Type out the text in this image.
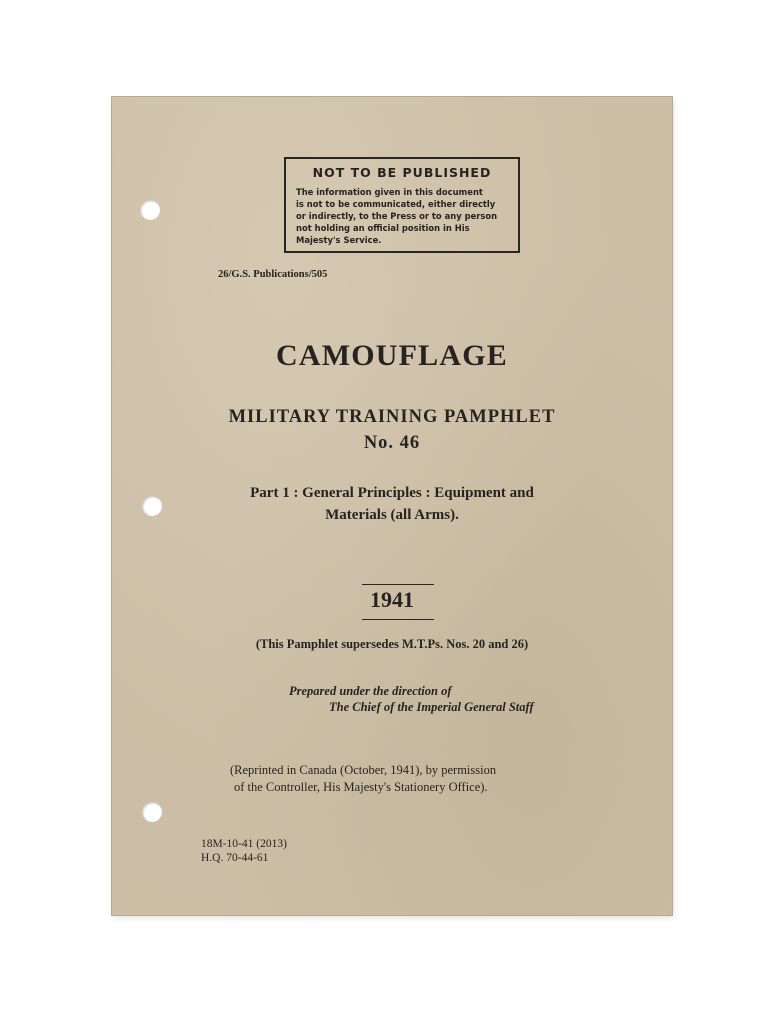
NOT TO BE PUBLISHED
The information given in this document
is not to be communicated, either directly
or indirectly, to the Press or to any person
not holding an official position in His
Majesty's Service.
26/G.S. Publications/505
CAMOUFLAGE
MILITARY TRAINING PAMPHLET
No. 46
Part 1 : General Principles : Equipment and
Materials (all Arms).
1941
(This Pamphlet supersedes M.T.Ps. Nos. 20 and 26)
Prepared under the direction of
The Chief of the Imperial General Staff
(Reprinted in Canada (October, 1941), by permission
of the Controller, His Majesty's Stationery Office).
18M-10-41 (2013)
H.Q. 70-44-61
